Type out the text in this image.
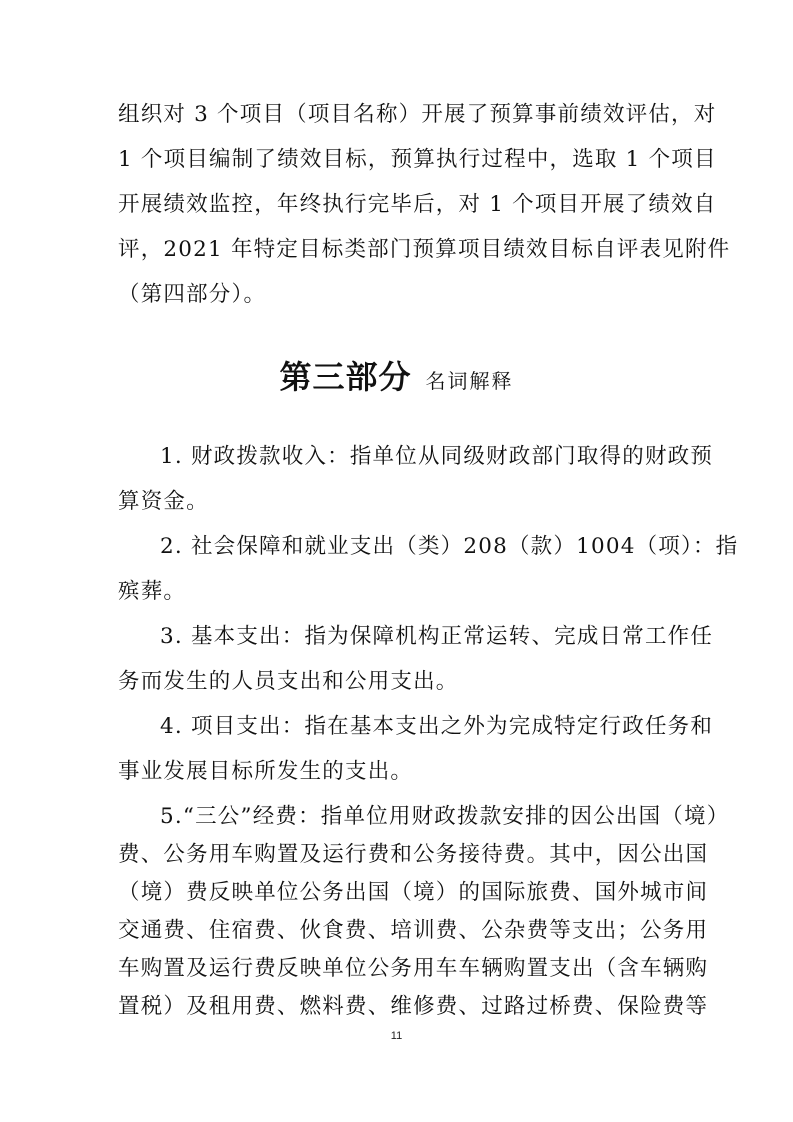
组织对 3 个项目（项目名称）开展了预算事前绩效评估，对
1 个项目编制了绩效目标，预算执行过程中，选取 1 个项目
开展绩效监控，年终执行完毕后，对 1 个项目开展了绩效自
评，2021 年特定目标类部门预算项目绩效目标自评表见附件
（第四部分）。
第三部分 名词解释
1. 财政拨款收入：指单位从同级财政部门取得的财政预
算资金。
2. 社会保障和就业支出（类）208（款）1004（项）：指
殡葬。
3. 基本支出：指为保障机构正常运转、完成日常工作任
务而发生的人员支出和公用支出。
4. 项目支出：指在基本支出之外为完成特定行政任务和
事业发展目标所发生的支出。
5.“三公”经费：指单位用财政拨款安排的因公出国（境）
费、公务用车购置及运行费和公务接待费。其中，因公出国
（境）费反映单位公务出国（境）的国际旅费、国外城市间
交通费、住宿费、伙食费、培训费、公杂费等支出；公务用
车购置及运行费反映单位公务用车车辆购置支出（含车辆购
11
置税）及租用费、燃料费、维修费、过路过桥费、保险费等
